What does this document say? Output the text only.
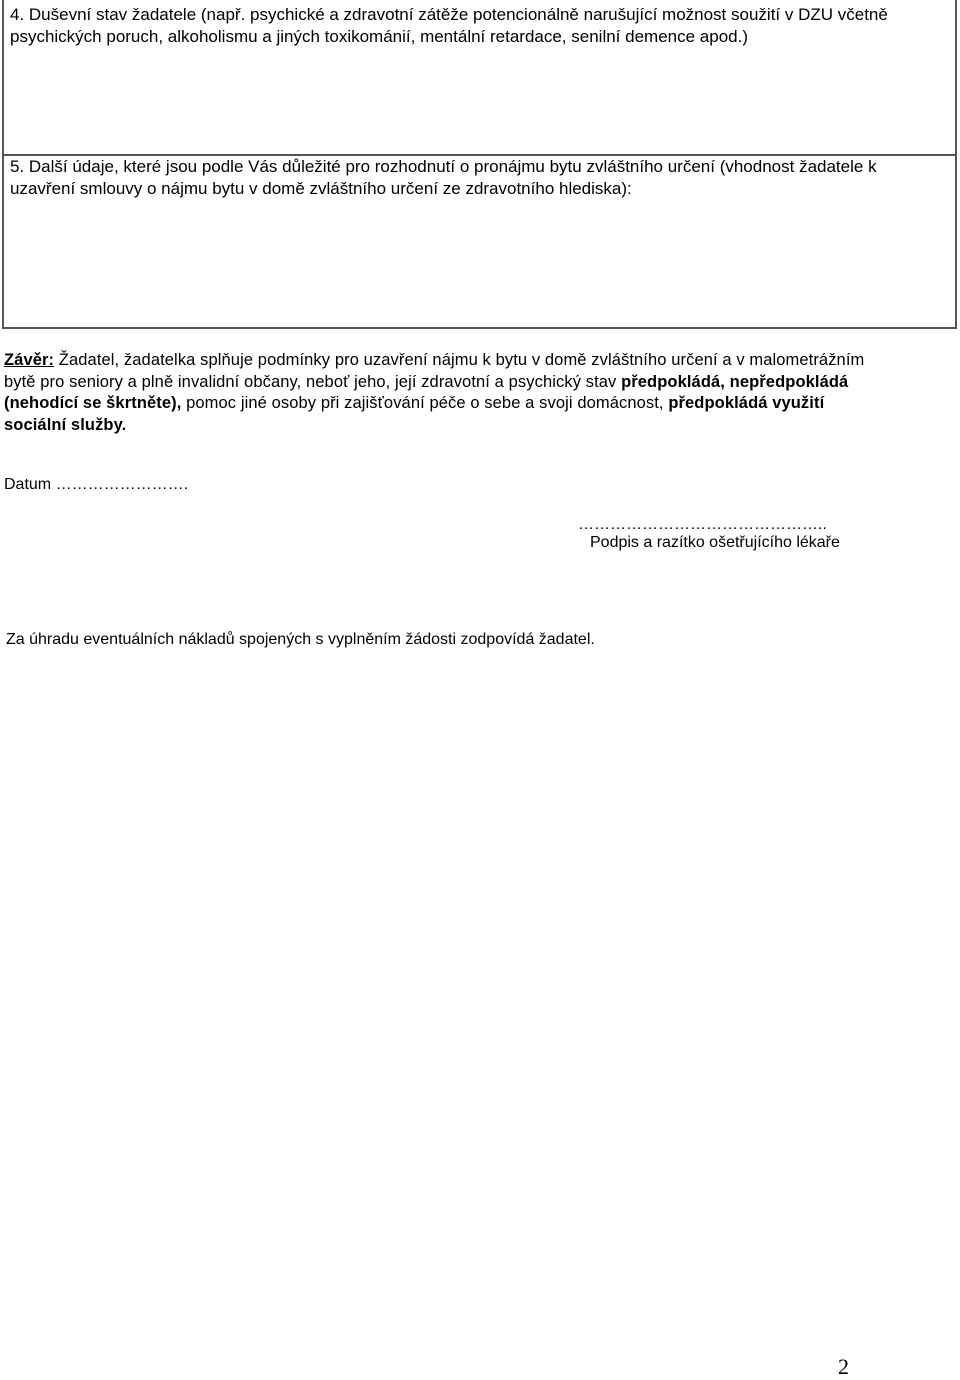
4. Duševní stav žadatele (např. psychické a zdravotní zátěže potencionálně narušující možnost soužití v DZU včetně psychických poruch, alkoholismu a jiných toxikománií, mentální retardace, senilní demence apod.)

5. Další údaje, které jsou podle Vás důležité pro rozhodnutí o pronájmu bytu zvláštního určení (vhodnost žadatele k uzavření smlouvy o nájmu bytu v domě zvláštního určení ze zdravotního hlediska):

Závěr: Žadatel, žadatelka splňuje podmínky pro uzavření nájmu k bytu v domě zvláštního určení a v malometrážním bytě pro seniory a plně invalidní občany, neboť jeho, její zdravotní a psychický stav předpokládá, nepředpokládá (nehodící se škrtněte), pomoc jiné osoby při zajišťování péče o sebe a svoji domácnost, předpokládá využití sociální služby.

Datum …………………….
………………………………………..
Podpis a razítko ošetřujícího lékaře
Za úhradu eventuálních nákladů spojených s vyplněním žádosti zodpovídá žadatel.
2
